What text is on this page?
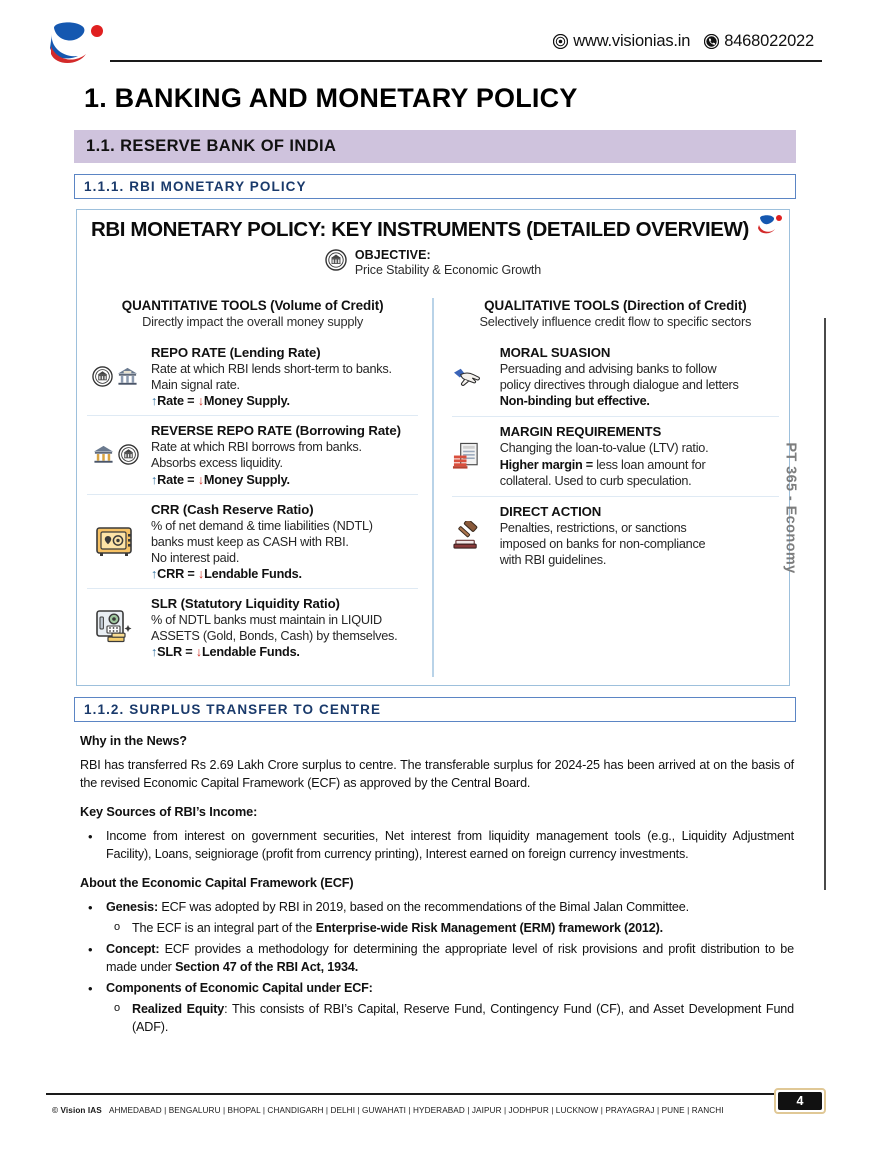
www.visionias.in 8468022022
1. BANKING AND MONETARY POLICY
1.1. RESERVE BANK OF INDIA
1.1.1. RBI MONETARY POLICY
RBI MONETARY POLICY: KEY INSTRUMENTS (DETAILED OVERVIEW)
OBJECTIVE:
Price Stability & Economic Growth
QUANTITATIVE TOOLS (Volume of Credit)
Directly impact the overall money supply
REPO RATE (Lending Rate)
Rate at which RBI lends short-term to banks.
Main signal rate.
↑Rate = ↓Money Supply.
REVERSE REPO RATE (Borrowing Rate)
Rate at which RBI borrows from banks.
Absorbs excess liquidity.
↑Rate = ↓Money Supply.
CRR (Cash Reserve Ratio)
% of net demand & time liabilities (NDTL)
banks must keep as CASH with RBI.
No interest paid.
↑CRR = ↓Lendable Funds.
SLR (Statutory Liquidity Ratio)
% of NDTL banks must maintain in LIQUID
ASSETS (Gold, Bonds, Cash) by themselves.
↑SLR = ↓Lendable Funds.
QUALITATIVE TOOLS (Direction of Credit)
Selectively influence credit flow to specific sectors
MORAL SUASION
Persuading and advising banks to follow
policy directives through dialogue and letters
Non-binding but effective.
MARGIN REQUIREMENTS
Changing the loan-to-value (LTV) ratio.
Higher margin = less loan amount for
collateral. Used to curb speculation.
DIRECT ACTION
Penalties, restrictions, or sanctions
imposed on banks for non-compliance
with RBI guidelines.
1.1.2. SURPLUS TRANSFER TO CENTRE
Why in the News?
RBI has transferred Rs 2.69 Lakh Crore surplus to centre. The transferable surplus for 2024-25 has been arrived at on the basis of the revised Economic Capital Framework (ECF) as approved by the Central Board.
Key Sources of RBI’s Income:
•	Income from interest on government securities, Net interest from liquidity management tools (e.g., Liquidity Adjustment Facility), Loans, seigniorage (profit from currency printing), Interest earned on foreign currency investments.
About the Economic Capital Framework (ECF)
•	Genesis: ECF was adopted by RBI in 2019, based on the recommendations of the Bimal Jalan Committee.
o The ECF is an integral part of the Enterprise-wide Risk Management (ERM) framework (2012).
•	Concept: ECF provides a methodology for determining the appropriate level of risk provisions and profit distribution to be made under Section 47 of the RBI Act, 1934.
•	Components of Economic Capital under ECF:
o Realized Equity: This consists of RBI’s Capital, Reserve Fund, Contingency Fund (CF), and Asset Development Fund (ADF).
PT 365 - Economy
© Vision IAS AHMEDABAD | BENGALURU | BHOPAL | CHANDIGARH | DELHI | GUWAHATI | HYDERABAD | JAIPUR | JODHPUR | LUCKNOW | PRAYAGRAJ | PUNE | RANCHI
4
